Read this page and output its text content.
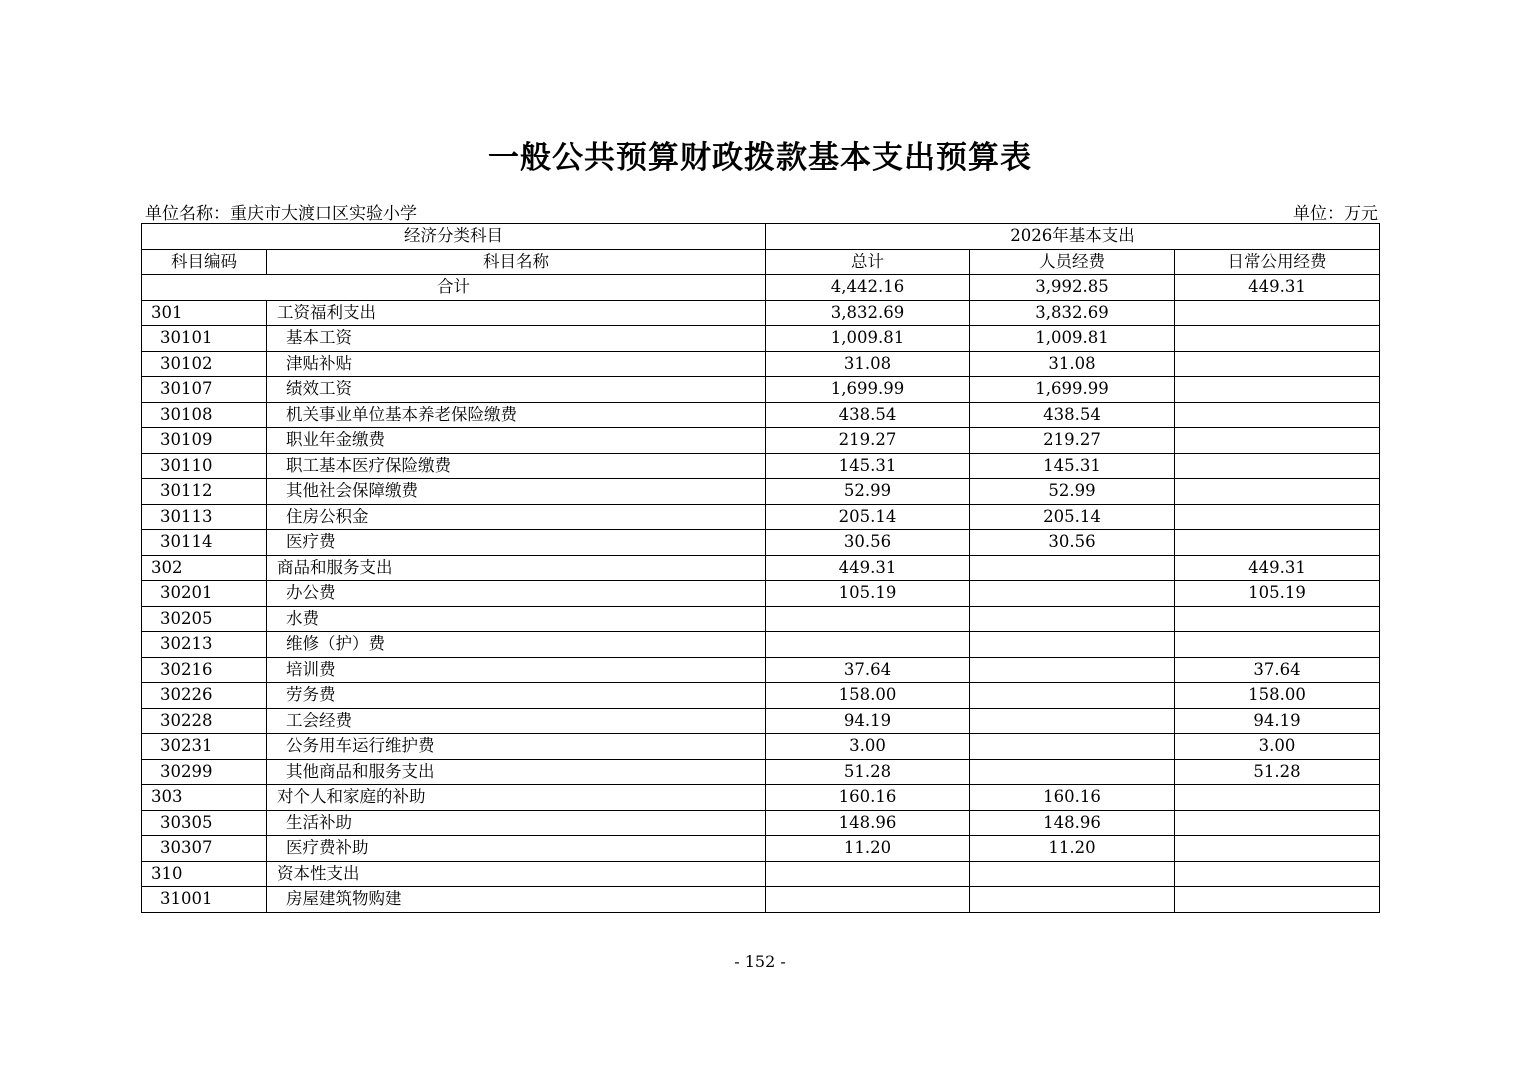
一般公共预算财政拨款基本支出预算表
单位名称：重庆市大渡口区实验小学	单位：万元
经济分类科目		2026年基本支出		
科目编码	科目名称	总计	人员经费	日常公用经费
合计		4,442.16	3,992.85	449.31
301	工资福利支出	3,832.69	3,832.69	
30101	基本工资	1,009.81	1,009.81	
30102	津贴补贴	31.08	31.08	
30107	绩效工资	1,699.99	1,699.99	
30108	机关事业单位基本养老保险缴费	438.54	438.54	
30109	职业年金缴费	219.27	219.27	
30110	职工基本医疗保险缴费	145.31	145.31	
30112	其他社会保障缴费	52.99	52.99	
30113	住房公积金	205.14	205.14	
30114	医疗费	30.56	30.56	
302	商品和服务支出	449.31		449.31
30201	办公费	105.19		105.19
30205	水费			
30213	维修（护）费			
30216	培训费	37.64		37.64
30226	劳务费	158.00		158.00
30228	工会经费	94.19		94.19
30231	公务用车运行维护费	3.00		3.00
30299	其他商品和服务支出	51.28		51.28
303	对个人和家庭的补助	160.16	160.16	
30305	生活补助	148.96	148.96	
30307	医疗费补助	11.20	11.20	
310	资本性支出			
31001	房屋建筑物购建			
- 152 -
